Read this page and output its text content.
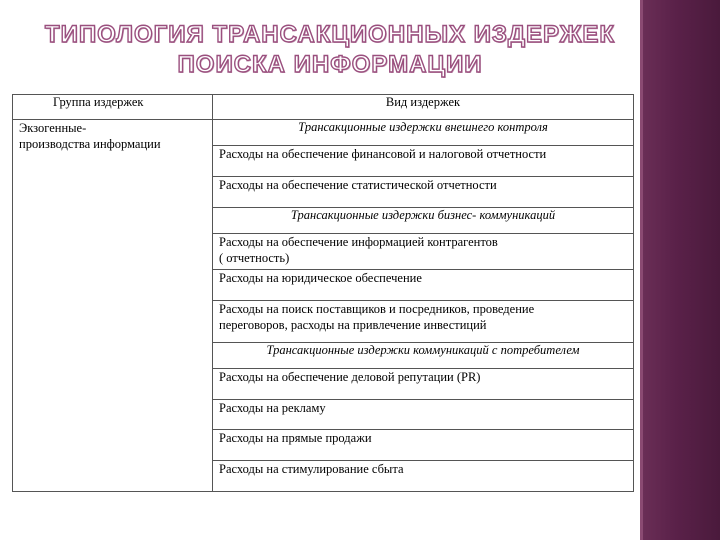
ТИПОЛОГИЯ ТРАНСАКЦИОННЫХ ИЗДЕРЖЕК
ПОИСКА ИНФОРМАЦИИ
Группа издержек	Вид издержек
Экзогенные-
производства информации	Трансакционные издержки внешнего контроля
	Расходы на обеспечение финансовой и налоговой отчетности
	Расходы на обеспечение статистической отчетности
	Трансакционные издержки бизнес- коммуникаций
	Расходы на обеспечение информацией контрагентов
( отчетность)
	Расходы на юридическое обеспечение
	Расходы на поиск поставщиков и посредников, проведение
переговоров, расходы на привлечение инвестиций
	Трансакционные издержки коммуникаций с потребителем
	Расходы на обеспечение деловой репутации (PR)
	Расходы на рекламу
	Расходы на прямые продажи
	Расходы на стимулирование сбыта
